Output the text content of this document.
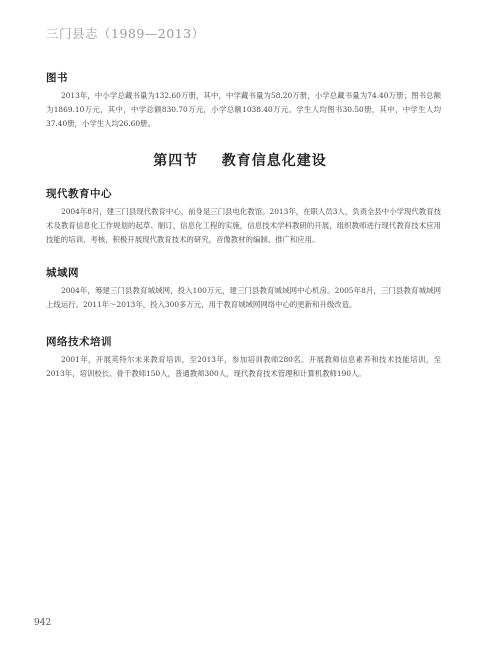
三门县志（1989—2013）
图书

2013年，中小学总藏书量为132.60万册，其中，中学藏书量为58.20万册，小学总藏书量为74.40万册；图书总额为1869.10万元，其中，中学总额830.70万元，小学总额1038.40万元。学生人均图书30.50册，其中，中学生人均37.40册，小学生人均26.60册。

第四节    教育信息化建设
现代教育中心

2004年8月，建三门县现代教育中心，前身是三门县电化教馆。2013年，在职人员3人，负责全县中小学现代教育技术及教育信息化工作规划的起草、制订，信息化工程的实施，信息技术学科教研的开展，组织教师进行现代教育技术应用技能的培训、考核，积极开展现代教育技术的研究，音像教材的编制、推广和应用。

城域网

2004年，筹建三门县教育城域网，投入100万元，建三门县教育城域网中心机房。2005年8月，三门县教育城域网上线运行。2011年～2013年，投入300多万元，用于教育城域网网络中心的更新和升级改造。

网络技术培训

2001年，开展英特尔未来教育培训，至2013年，参加培训教师280名。开展教师信息素养和技术技能培训，至2013年，培训校长、骨干教师150人，普通教师300人，现代教育技术管理和计算机教师190人。

942
